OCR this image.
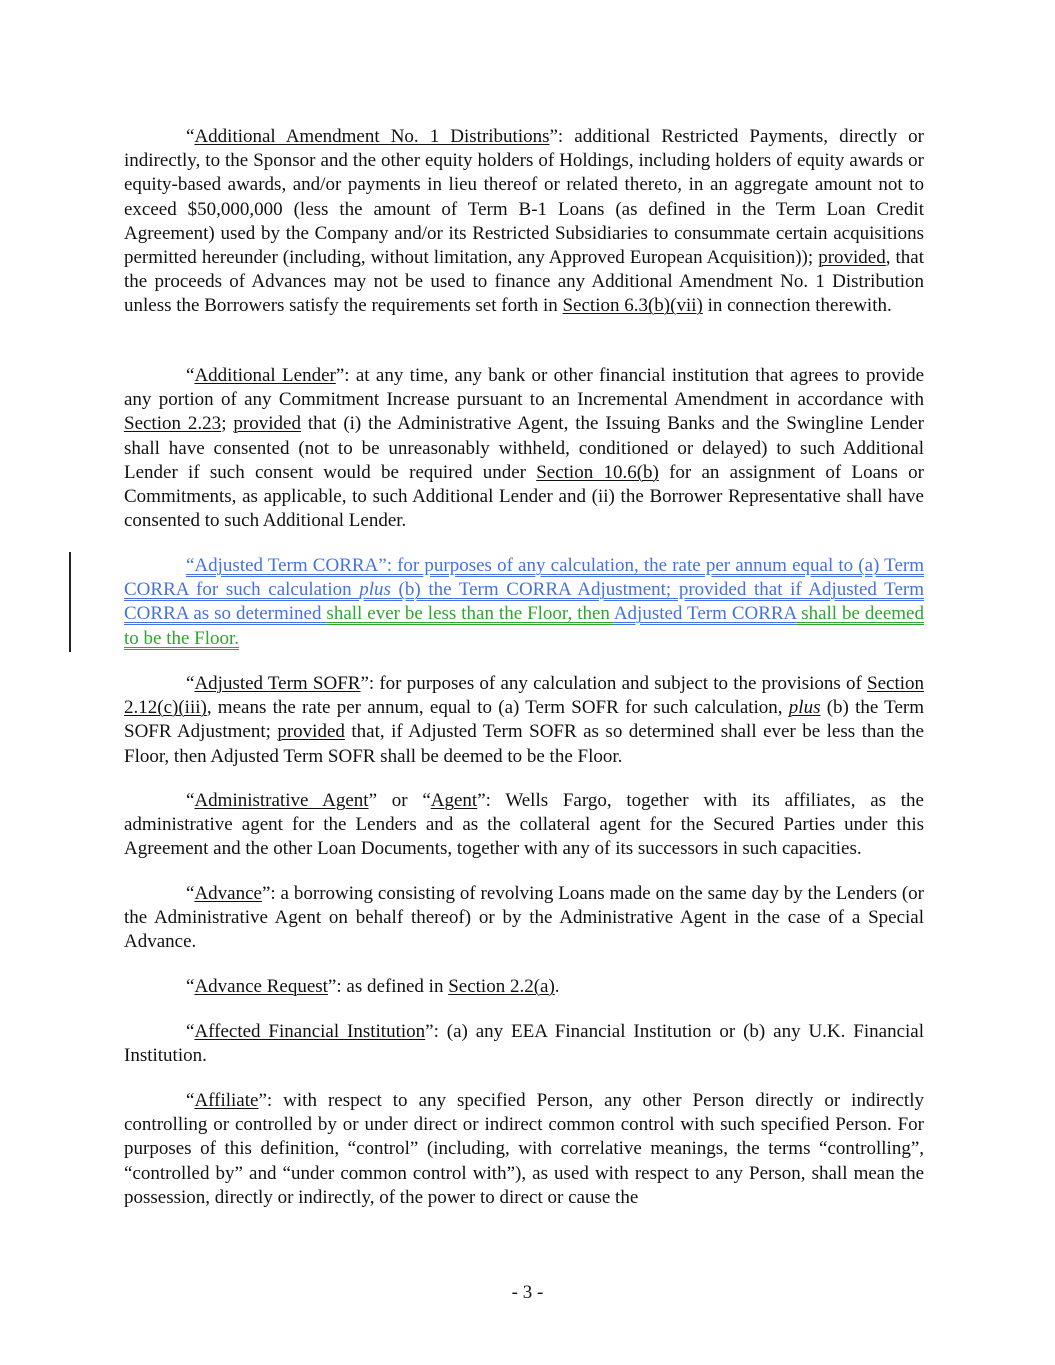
“Additional Amendment No. 1 Distributions”: additional Restricted Payments, directly or indirectly, to the Sponsor and the other equity holders of Holdings, including holders of equity awards or equity-based awards, and/or payments in lieu thereof or related thereto, in an aggregate amount not to exceed $50,000,000 (less the amount of Term B-1 Loans (as defined in the Term Loan Credit Agreement) used by the Company and/or its Restricted Subsidiaries to consummate certain acquisitions permitted hereunder (including, without limitation, any Approved European Acquisition)); provided, that the proceeds of Advances may not be used to finance any Additional Amendment No. 1 Distribution unless the Borrowers satisfy the requirements set forth in Section 6.3(b)(vii) in connection therewith.

“Additional Lender”: at any time, any bank or other financial institution that agrees to provide any portion of any Commitment Increase pursuant to an Incremental Amendment in accordance with Section 2.23; provided that (i) the Administrative Agent, the Issuing Banks and the Swingline Lender shall have consented (not to be unreasonably withheld, conditioned or delayed) to such Additional Lender if such consent would be required under Section 10.6(b) for an assignment of Loans or Commitments, as applicable, to such Additional Lender and (ii) the Borrower Representative shall have consented to such Additional Lender.

“Adjusted Term CORRA”: for purposes of any calculation, the rate per annum equal to (a) Term CORRA for such calculation plus (b) the Term CORRA Adjustment; provided that if Adjusted Term CORRA as so determined shall ever be less than the Floor, then Adjusted Term CORRA shall be deemed to be the Floor.

“Adjusted Term SOFR”: for purposes of any calculation and subject to the provisions of Section 2.12(c)(iii), means the rate per annum, equal to (a) Term SOFR for such calculation, plus (b) the Term SOFR Adjustment; provided that, if Adjusted Term SOFR as so determined shall ever be less than the Floor, then Adjusted Term SOFR shall be deemed to be the Floor.

“Administrative Agent” or “Agent”: Wells Fargo, together with its affiliates, as the administrative agent for the Lenders and as the collateral agent for the Secured Parties under this Agreement and the other Loan Documents, together with any of its successors in such capacities.

“Advance”: a borrowing consisting of revolving Loans made on the same day by the Lenders (or the Administrative Agent on behalf thereof) or by the Administrative Agent in the case of a Special Advance.

“Advance Request”: as defined in Section 2.2(a).

“Affected Financial Institution”: (a) any EEA Financial Institution or (b) any U.K. Financial Institution.

“Affiliate”: with respect to any specified Person, any other Person directly or indirectly controlling or controlled by or under direct or indirect common control with such specified Person. For purposes of this definition, “control” (including, with correlative meanings, the terms “controlling”, “controlled by” and “under common control with”), as used with respect to any Person, shall mean the possession, directly or indirectly, of the power to direct or cause the

- 3 -
